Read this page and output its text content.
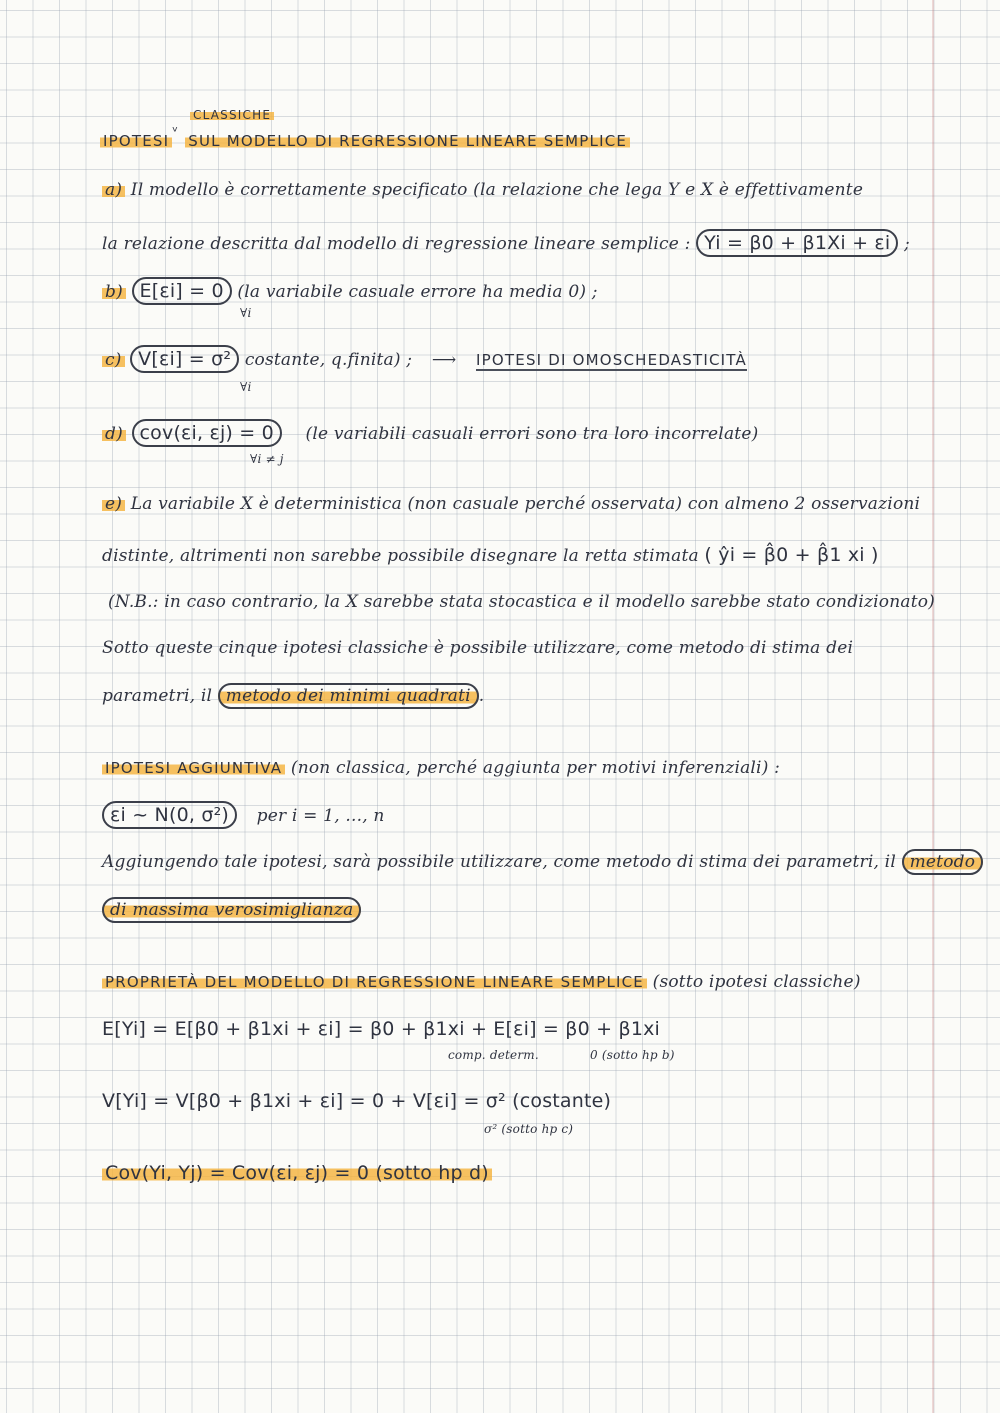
CLASSICHE
IPOTESI ᵛ SUL MODELLO DI REGRESSIONE LINEARE SEMPLICE
a) Il modello è correttamente specificato (la relazione che lega Y e X è effettivamente
la relazione descritta dal modello di regressione lineare semplice : Yi = β0 + β1Xi + εi ;
b) E[εi] = 0 (la variabile casuale errore ha media 0) ;
∀i
c) V[εi] = σ² costante, q.finita) ; ⟶ IPOTESI DI OMOSCHEDASTICITÀ
∀i
d) cov(εi, εj) = 0 (le variabili casuali errori sono tra loro incorrelate)
∀i ≠ j
e) La variabile X è deterministica (non casuale perché osservata) con almeno 2 osservazioni
distinte, altrimenti non sarebbe possibile disegnare la retta stimata ( ŷi = β̂0 + β̂1 xi )
(N.B.: in caso contrario, la X sarebbe stata stocastica e il modello sarebbe stato condizionato)
Sotto queste cinque ipotesi classiche è possibile utilizzare, come metodo di stima dei
parametri, il metodo dei minimi quadrati .
IPOTESI AGGIUNTIVA (non classica, perché aggiunta per motivi inferenziali) :
εi ~ N(0, σ²) per i = 1, ..., n
Aggiungendo tale ipotesi, sarà possibile utilizzare, come metodo di stima dei parametri, il metodo
di massima verosimiglianza
PROPRIETÀ DEL MODELLO DI REGRESSIONE LINEARE SEMPLICE (sotto ipotesi classiche)
E[Yi] = E[β0 + β1xi + εi] = β0 + β1xi + E[εi] = β0 + β1xi
comp. determ.	0 (sotto hp b)
V[Yi] = V[β0 + β1xi + εi] = 0 + V[εi] = σ² (costante)
σ² (sotto hp c)
Cov(Yi, Yj) = Cov(εi, εj) = 0 (sotto hp d)
